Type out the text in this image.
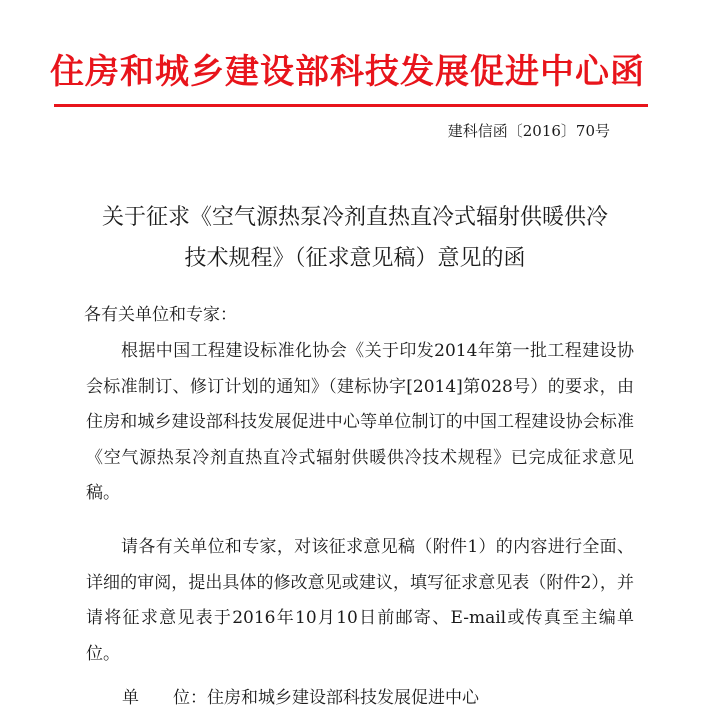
住房和城乡建设部科技发展促进中心函
建科信函〔2016〕70号
关于征求《空气源热泵冷剂直热直冷式辐射供暖供冷
技术规程》（征求意见稿）意见的函
各有关单位和专家：
根据中国工程建设标准化协会《关于印发2014年第一批工程建设协会标准制订、修订计划的通知》（建标协字[2014]第028号）的要求，由住房和城乡建设部科技发展促进中心等单位制订的中国工程建设协会标准《空气源热泵冷剂直热直冷式辐射供暖供冷技术规程》已完成征求意见稿。
请各有关单位和专家，对该征求意见稿（附件1）的内容进行全面、详细的审阅，提出具体的修改意见或建议，填写征求意见表（附件2），并请将征求意见表于2016年10月10日前邮寄、E-mail或传真至主编单位。
单 位：住房和城乡建设部科技发展促进中心
